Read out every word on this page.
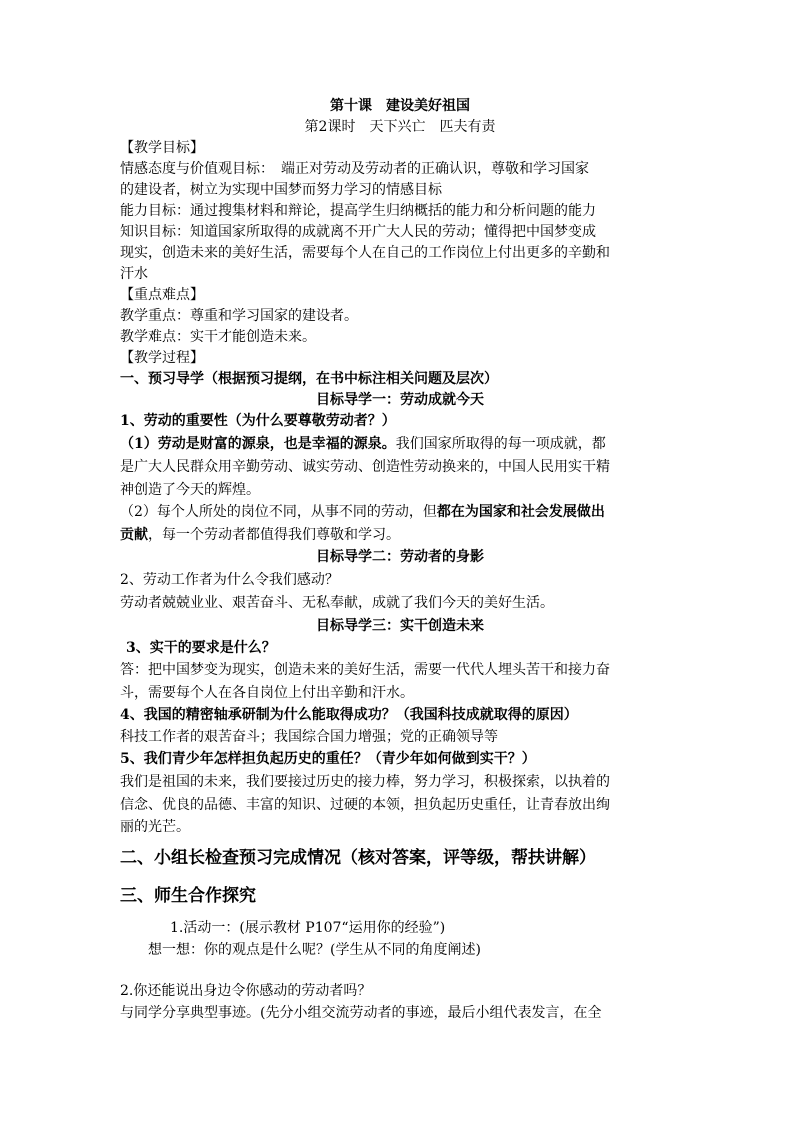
第十课　建设美好祖国
第2课时　天下兴亡　匹夫有责
【教学目标】
情感态度与价值观目标：　端正对劳动及劳动者的正确认识，尊敬和学习国家
的建设者，树立为实现中国梦而努力学习的情感目标
能力目标：通过搜集材料和辩论，提高学生归纳概括的能力和分析问题的能力
知识目标：知道国家所取得的成就离不开广大人民的劳动；懂得把中国梦变成
现实，创造未来的美好生活，需要每个人在自己的工作岗位上付出更多的辛勤和
汗水
【重点难点】
教学重点：尊重和学习国家的建设者。
教学难点：实干才能创造未来。
【教学过程】
一、预习导学（根据预习提纲，在书中标注相关问题及层次）
目标导学一：劳动成就今天
1、劳动的重要性（为什么要尊敬劳动者？）
（1）劳动是财富的源泉，也是幸福的源泉。我们国家所取得的每一项成就，都
是广大人民群众用辛勤劳动、诚实劳动、创造性劳动换来的，中国人民用实干精
神创造了今天的辉煌。
（2）每个人所处的岗位不同，从事不同的劳动，但都在为国家和社会发展做出
贡献，每一个劳动者都值得我们尊敬和学习。
目标导学二：劳动者的身影
2、劳动工作者为什么令我们感动？
劳动者兢兢业业、艰苦奋斗、无私奉献，成就了我们今天的美好生活。
目标导学三：实干创造未来
3、实干的要求是什么？
答：把中国梦变为现实，创造未来的美好生活，需要一代代人埋头苦干和接力奋
斗，需要每个人在各自岗位上付出辛勤和汗水。
4、我国的精密轴承研制为什么能取得成功？（我国科技成就取得的原因）
科技工作者的艰苦奋斗；我国综合国力增强；党的正确领导等
5、我们青少年怎样担负起历史的重任？（青少年如何做到实干？）
我们是祖国的未来，我们要接过历史的接力棒，努力学习，积极探索，以执着的
信念、优良的品德、丰富的知识、过硬的本领，担负起历史重任，让青春放出绚
丽的光芒。
二、小组长检查预习完成情况（核对答案，评等级，帮扶讲解）
三、师生合作探究
1.活动一：(展示教材 P107“运用你的经验”)
想一想：你的观点是什么呢？(学生从不同的角度阐述)
2.你还能说出身边令你感动的劳动者吗？
与同学分享典型事迹。(先分小组交流劳动者的事迹，最后小组代表发言，在全
